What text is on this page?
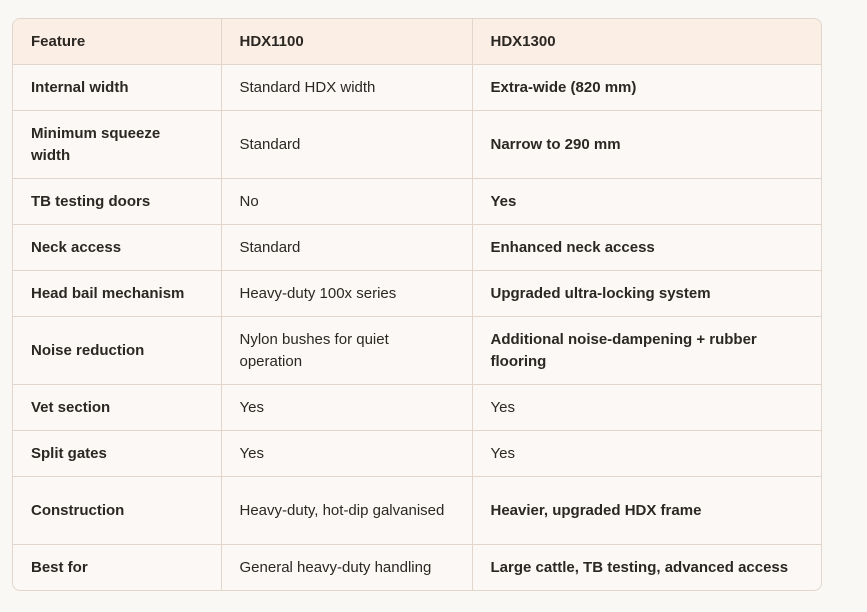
Feature	HDX1100	HDX1300
Internal width	Standard HDX width	Extra-wide (820 mm)
Minimum squeeze width	Standard	Narrow to 290 mm
TB testing doors	No	Yes
Neck access	Standard	Enhanced neck access
Head bail mechanism	Heavy-duty 100x series	Upgraded ultra-locking system
Noise reduction	Nylon bushes for quiet operation	Additional noise-dampening + rubber flooring
Vet section	Yes	Yes
Split gates	Yes	Yes
Construction	Heavy-duty, hot-dip galvanised	Heavier, upgraded HDX frame
Best for	General heavy-duty handling	Large cattle, TB testing, advanced access
